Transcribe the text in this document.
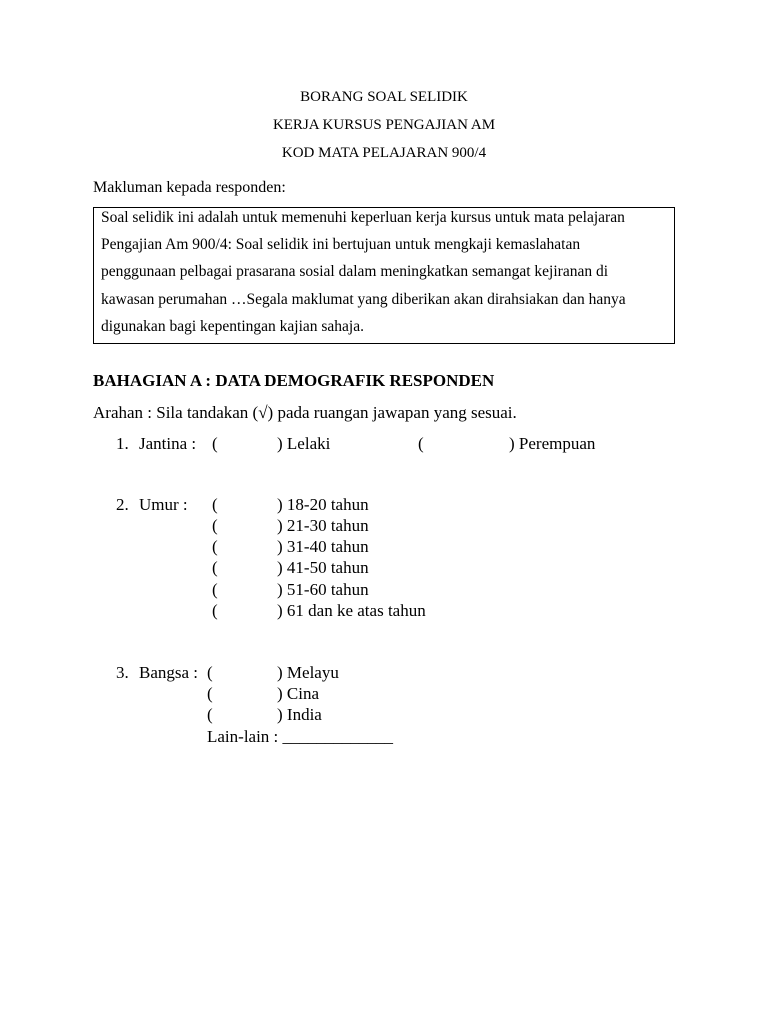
BORANG SOAL SELIDIK
KERJA KURSUS PENGAJIAN AM
KOD MATA PELAJARAN 900/4
Makluman kepada responden:
Soal selidik ini adalah untuk memenuhi keperluan kerja kursus untuk mata pelajaran
Pengajian Am 900/4: Soal selidik ini bertujuan untuk mengkaji kemaslahatan
penggunaan pelbagai prasarana sosial dalam meningkatkan semangat kejiranan di
kawasan perumahan …Segala maklumat yang diberikan akan dirahsiakan dan hanya
digunakan bagi kepentingan kajian sahaja.
BAHAGIAN A : DATA DEMOGRAFIK RESPONDEN
Arahan : Sila tandakan (√) pada ruangan jawapan yang sesuai.
1. Jantina : (	) Lelaki	(	) Perempuan
2. Umur : (	) 18-20 tahun
(	) 21-30 tahun
(	) 31-40 tahun
(	) 41-50 tahun
(	) 51-60 tahun
(	) 61 dan ke atas tahun
3. Bangsa : (	) Melayu
(	) Cina
(	) India
Lain-lain : _____________
